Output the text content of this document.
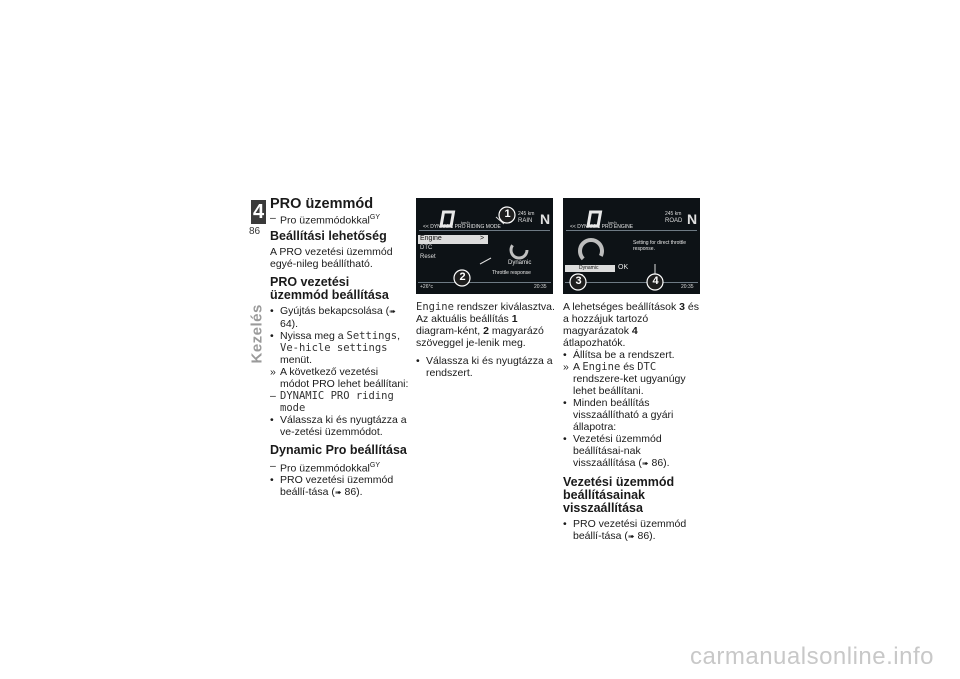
4
86
Kezelés
PRO üzemmód
– Pro üzemmódokkal$^{GY}$
Beállítási lehetőség

A PRO vezetési üzemmód egyé-nileg beállítható.

PRO vezetési üzemmód beállítása
• Gyújtás bekapcsolása (➠ 64).
• Nyissa meg a Settings, Ve-hicle settings menüt.
» A következő vezetési módot PRO lehet beállítani:
– DYNAMIC PRO riding mode
• Válassza ki és nyugtázza a ve-zetési üzemmódot.
Dynamic Pro beállítása
– Pro üzemmódokkal$^{GY}$
• PRO vezetési üzemmód beállí-tása (➠ 86).
km/h
245 km
RAIN N
<< DYNAMIC PRO RIDING MODE
Engine	>
DTC
Reset
Dynamic
Throttle response
+26°c	20:35
1
2

Engine rendszer kiválasztva. Az aktuális beállítás 1 diagram-ként, 2 magyarázó szöveggel je-lenik meg.

• Válassza ki és nyugtázza a rendszert.
km/h
245 km
ROAD N
<< DYNAMIC PRO ENGINE
Setting for direct throttle response.
Dynamic	OK
20:35
3	4

A lehetséges beállítások 3 és a hozzájuk tartozó magyarázatok 4 átlapozhatók.

• Állítsa be a rendszert.
» A Engine és DTC rendszere-ket ugyanúgy lehet beállítani.
• Minden beállítás visszaállítható a gyári állapotra:
• Vezetési üzemmód beállításai-nak visszaállítása (➠ 86).
Vezetési üzemmód beállításainak visszaállítása
• PRO vezetési üzemmód beállí-tása (➠ 86).
carmanualsonline.info
